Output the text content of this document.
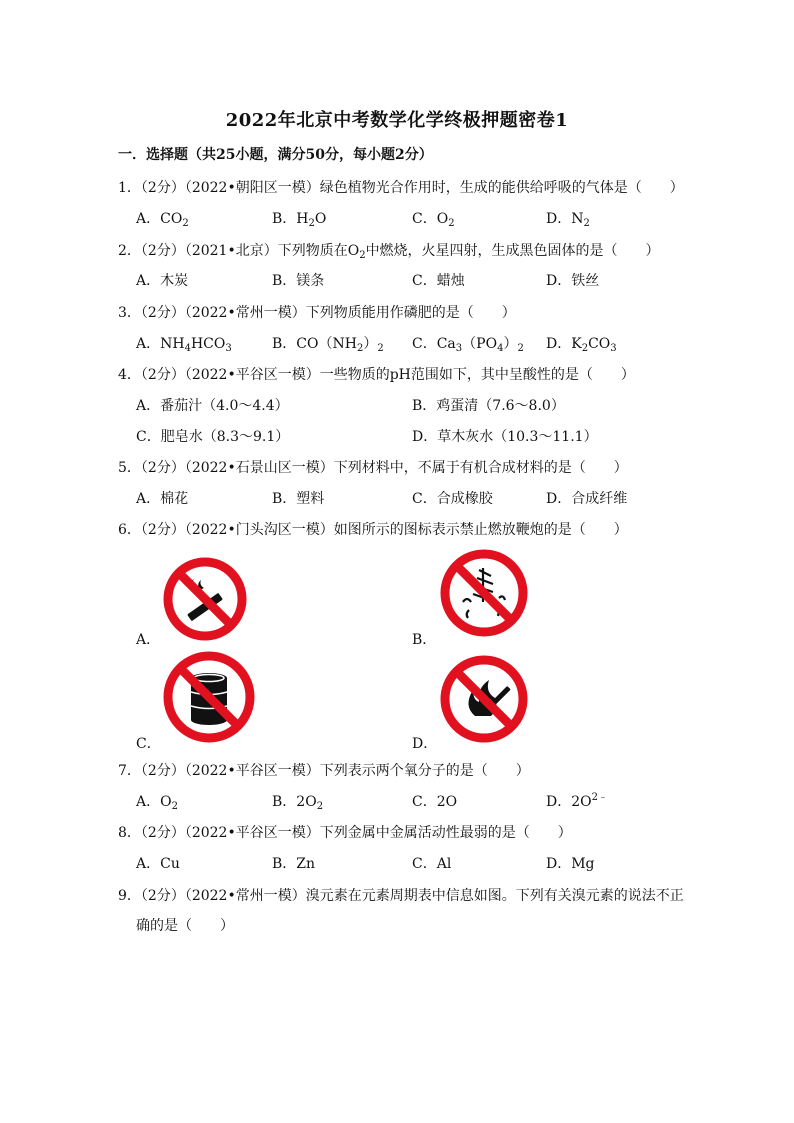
2022年北京中考数学化学终极押题密卷1
一．选择题（共25小题，满分50分，每小题2分）
1．（2分）（2022•朝阳区一模）绿色植物光合作用时，生成的能供给呼吸的气体是（　　）
A．$CO_2$	B．$H_2O$	C．$O_2$	D．$N_2$
2．（2分）（2021•北京）下列物质在$O_2$中燃烧，火星四射，生成黑色固体的是（　　）
A．木炭	B．镁条	C．蜡烛	D．铁丝
3．（2分）（2022•常州一模）下列物质能用作磷肥的是（　　）
A．$NH_4HCO_3$	B．$CO(NH_2)_2$ C．$Ca_3(PO_4)_2$ D．$K_2CO_3$
4．（2分）（2022•平谷区一模）一些物质的pH范围如下，其中呈酸性的是（　　）
A．番茄汁（4.0～4.4）	B．鸡蛋清（7.6～8.0）
C．肥皂水（8.3～9.1）	D．草木灰水（10.3～11.1）
5．（2分）（2022•石景山区一模）下列材料中，不属于有机合成材料的是（　　）
A．棉花	B．塑料	C．合成橡胶	D．合成纤维
6．（2分）（2022•门头沟区一模）如图所示的图标表示禁止燃放鞭炮的是（　　）
A．	B．
C．	D．
7．（2分）（2022•平谷区一模）下列表示两个氧分子的是（　　）
A．$O_2$	B．$2O_2$	C．2O	D．$2O^{2﹣}$
8．（2分）（2022•平谷区一模）下列金属中金属活动性最弱的是（　　）
A．Cu	B．Zn	C．Al	D．Mg
9．（2分）（2022•常州一模）溴元素在元素周期表中信息如图。下列有关溴元素的说法不正
确的是（　　）
